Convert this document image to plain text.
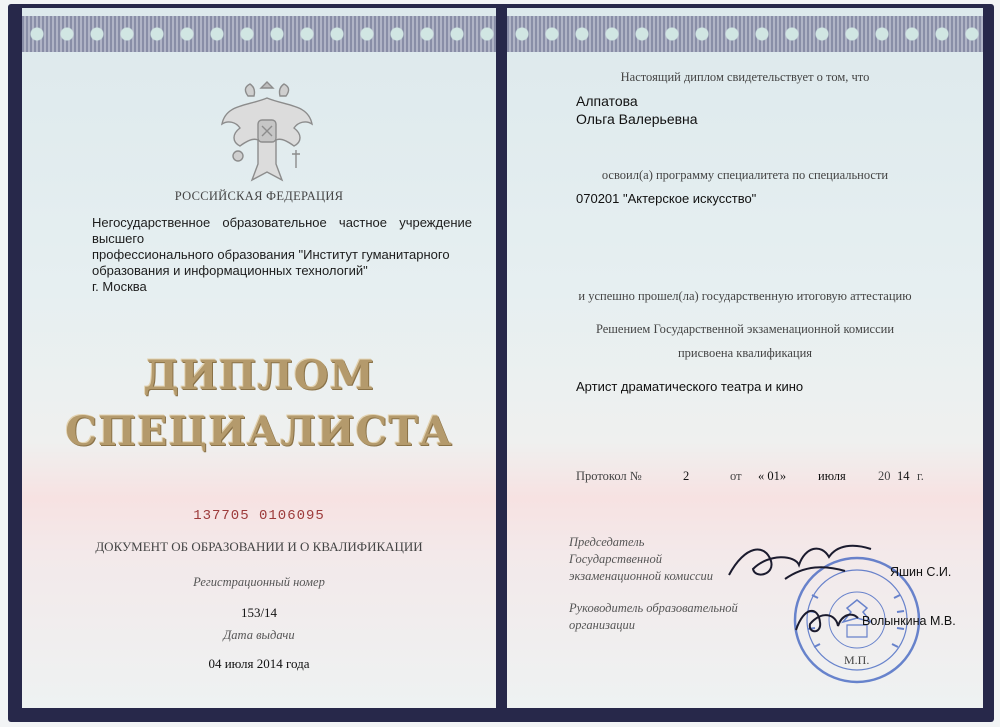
РОССИЙСКАЯ ФЕДЕРАЦИЯ
Негосударственное образовательное частное учреждение высшего
профессионального образования "Институт гуманитарного
образования и информационных технологий"
г. Москва
ДИПЛОМ
СПЕЦИАЛИСТА
137705 0106095
ДОКУМЕНТ ОБ ОБРАЗОВАНИИ И О КВАЛИФИКАЦИИ
Регистрационный номер
153/14
Дата выдачи
04 июля 2014 года
Настоящий диплом свидетельствует о том, что
Алпатова
Ольга Валерьевна
освоил(а) программу специалитета по специальности
070201 "Актерское искусство"
и успешно прошел(ла) государственную итоговую аттестацию
Решением Государственной экзаменационной комиссии
присвоена квалификация
Артист драматического театра и кино
Протокол №	2	от « 01»	июля	20 14 г.
Председатель
Государственной
экзаменационной комиссии
Руководитель образовательной
организации
Яшин С.И.
Волынкина М.В.
М.П.
